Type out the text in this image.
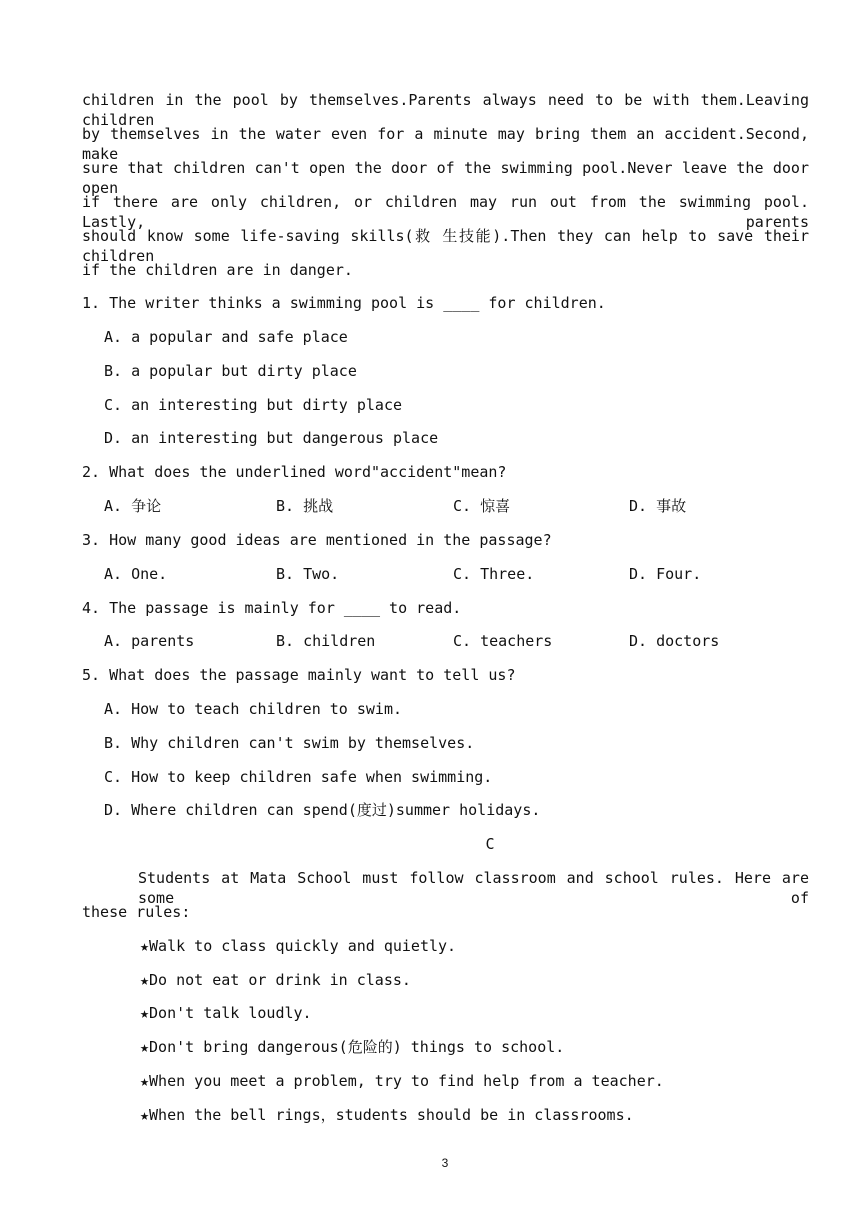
children in the pool by themselves.Parents always need to be with them.Leaving children
by themselves in the water even for a minute may bring them an accident.Second, make
sure that children can't open the door of the swimming pool.Never leave the door open
if there are only children, or children may run out from the swimming pool. Lastly, parents
should know some life-saving skills(救 生技能).Then they can help to save their children
if the children are in danger.
1. The writer thinks a swimming pool is ____ for children.
A. a popular and safe place
B. a popular but dirty place
C. an interesting but dirty place
D. an interesting but dangerous place
2. What does the underlined word"accident"mean?
A. 争论	B. 挑战	C. 惊喜	D. 事故
3. How many good ideas are mentioned in the passage?
A. One.	B. Two.	C. Three.	D. Four.
4. The passage is mainly for ____ to read.
A. parents	B. children	C. teachers	D. doctors
5. What does the passage mainly want to tell us?
A. How to teach children to swim.
B. Why children can't swim by themselves.
C. How to keep children safe when swimming.
D. Where children can spend(度过)summer holidays.
C
Students at Mata School must follow classroom and school rules. Here are some of
these rules:
★Walk to class quickly and quietly.
★Do not eat or drink in class.
★Don't talk loudly.
★Don't bring dangerous(危险的) things to school.
★When you meet a problem, try to find help from a teacher.
★When the bell rings，students should be in classrooms.
3
